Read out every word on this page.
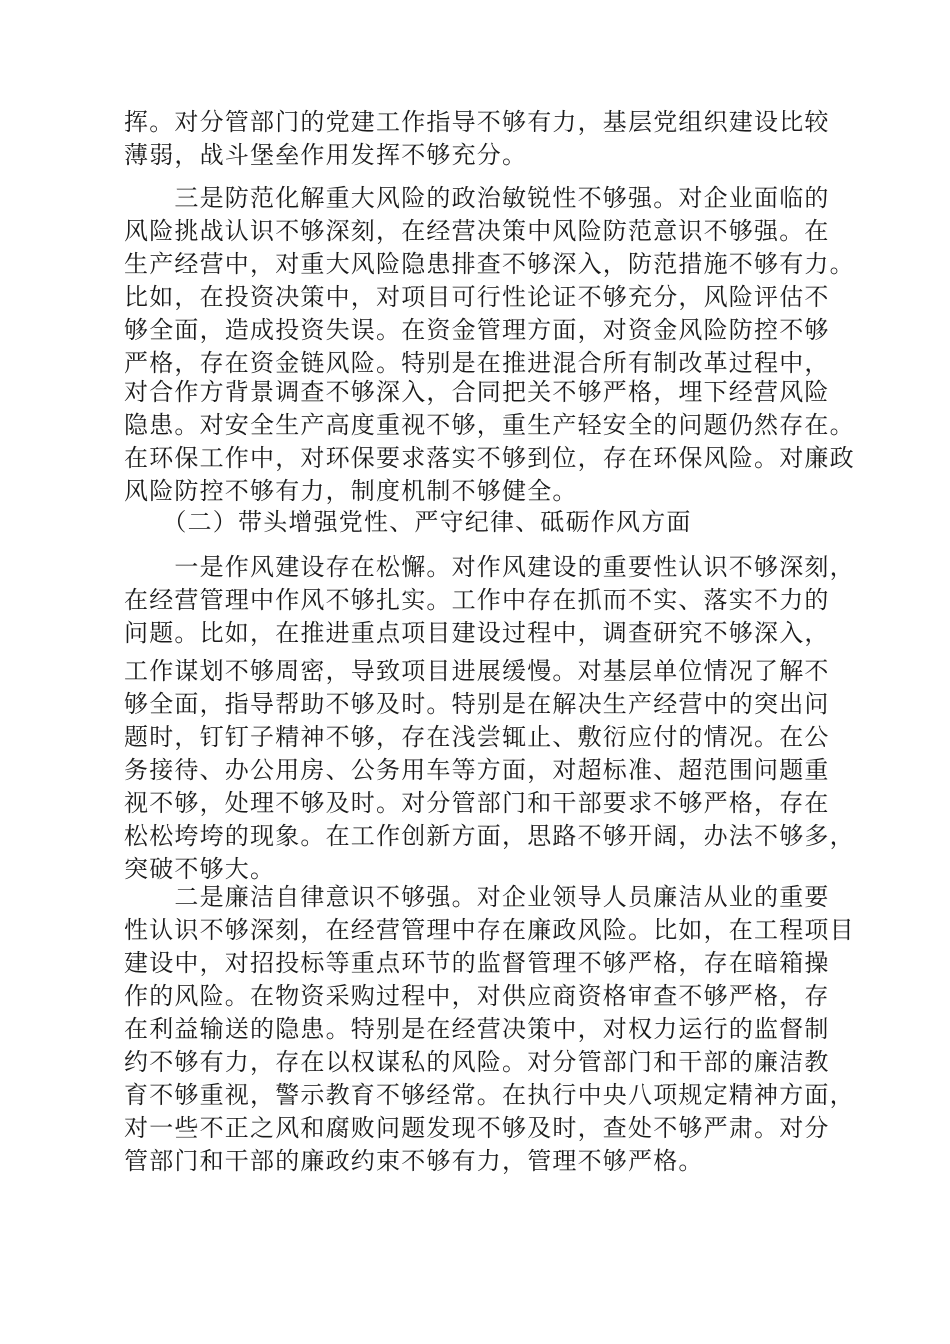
挥。对分管部门的党建工作指导不够有力，基层党组织建设比较
薄弱，战斗堡垒作用发挥不够充分。
　　三是防范化解重大风险的政治敏锐性不够强。对企业面临的
风险挑战认识不够深刻，在经营决策中风险防范意识不够强。在
生产经营中，对重大风险隐患排查不够深入，防范措施不够有力。
比如，在投资决策中，对项目可行性论证不够充分，风险评估不
够全面，造成投资失误。在资金管理方面，对资金风险防控不够
严格，存在资金链风险。特别是在推进混合所有制改革过程中，
对合作方背景调查不够深入，合同把关不够严格，埋下经营风险
隐患。对安全生产高度重视不够，重生产轻安全的问题仍然存在。
在环保工作中，对环保要求落实不够到位，存在环保风险。对廉政
风险防控不够有力，制度机制不够健全。
　　（二）带头增强党性、严守纪律、砥砺作风方面
　　一是作风建设存在松懈。对作风建设的重要性认识不够深刻，
在经营管理中作风不够扎实。工作中存在抓而不实、落实不力的
问题。比如，在推进重点项目建设过程中，调查研究不够深入，
工作谋划不够周密，导致项目进展缓慢。对基层单位情况了解不
够全面，指导帮助不够及时。特别是在解决生产经营中的突出问
题时，钉钉子精神不够，存在浅尝辄止、敷衍应付的情况。在公
务接待、办公用房、公务用车等方面，对超标准、超范围问题重
视不够，处理不够及时。对分管部门和干部要求不够严格，存在
松松垮垮的现象。在工作创新方面，思路不够开阔，办法不够多，
突破不够大。
　　二是廉洁自律意识不够强。对企业领导人员廉洁从业的重要
性认识不够深刻，在经营管理中存在廉政风险。比如，在工程项目
建设中，对招投标等重点环节的监督管理不够严格，存在暗箱操
作的风险。在物资采购过程中，对供应商资格审查不够严格，存
在利益输送的隐患。特别是在经营决策中，对权力运行的监督制
约不够有力，存在以权谋私的风险。对分管部门和干部的廉洁教
育不够重视，警示教育不够经常。在执行中央八项规定精神方面，
对一些不正之风和腐败问题发现不够及时，查处不够严肃。对分
管部门和干部的廉政约束不够有力，管理不够严格。
